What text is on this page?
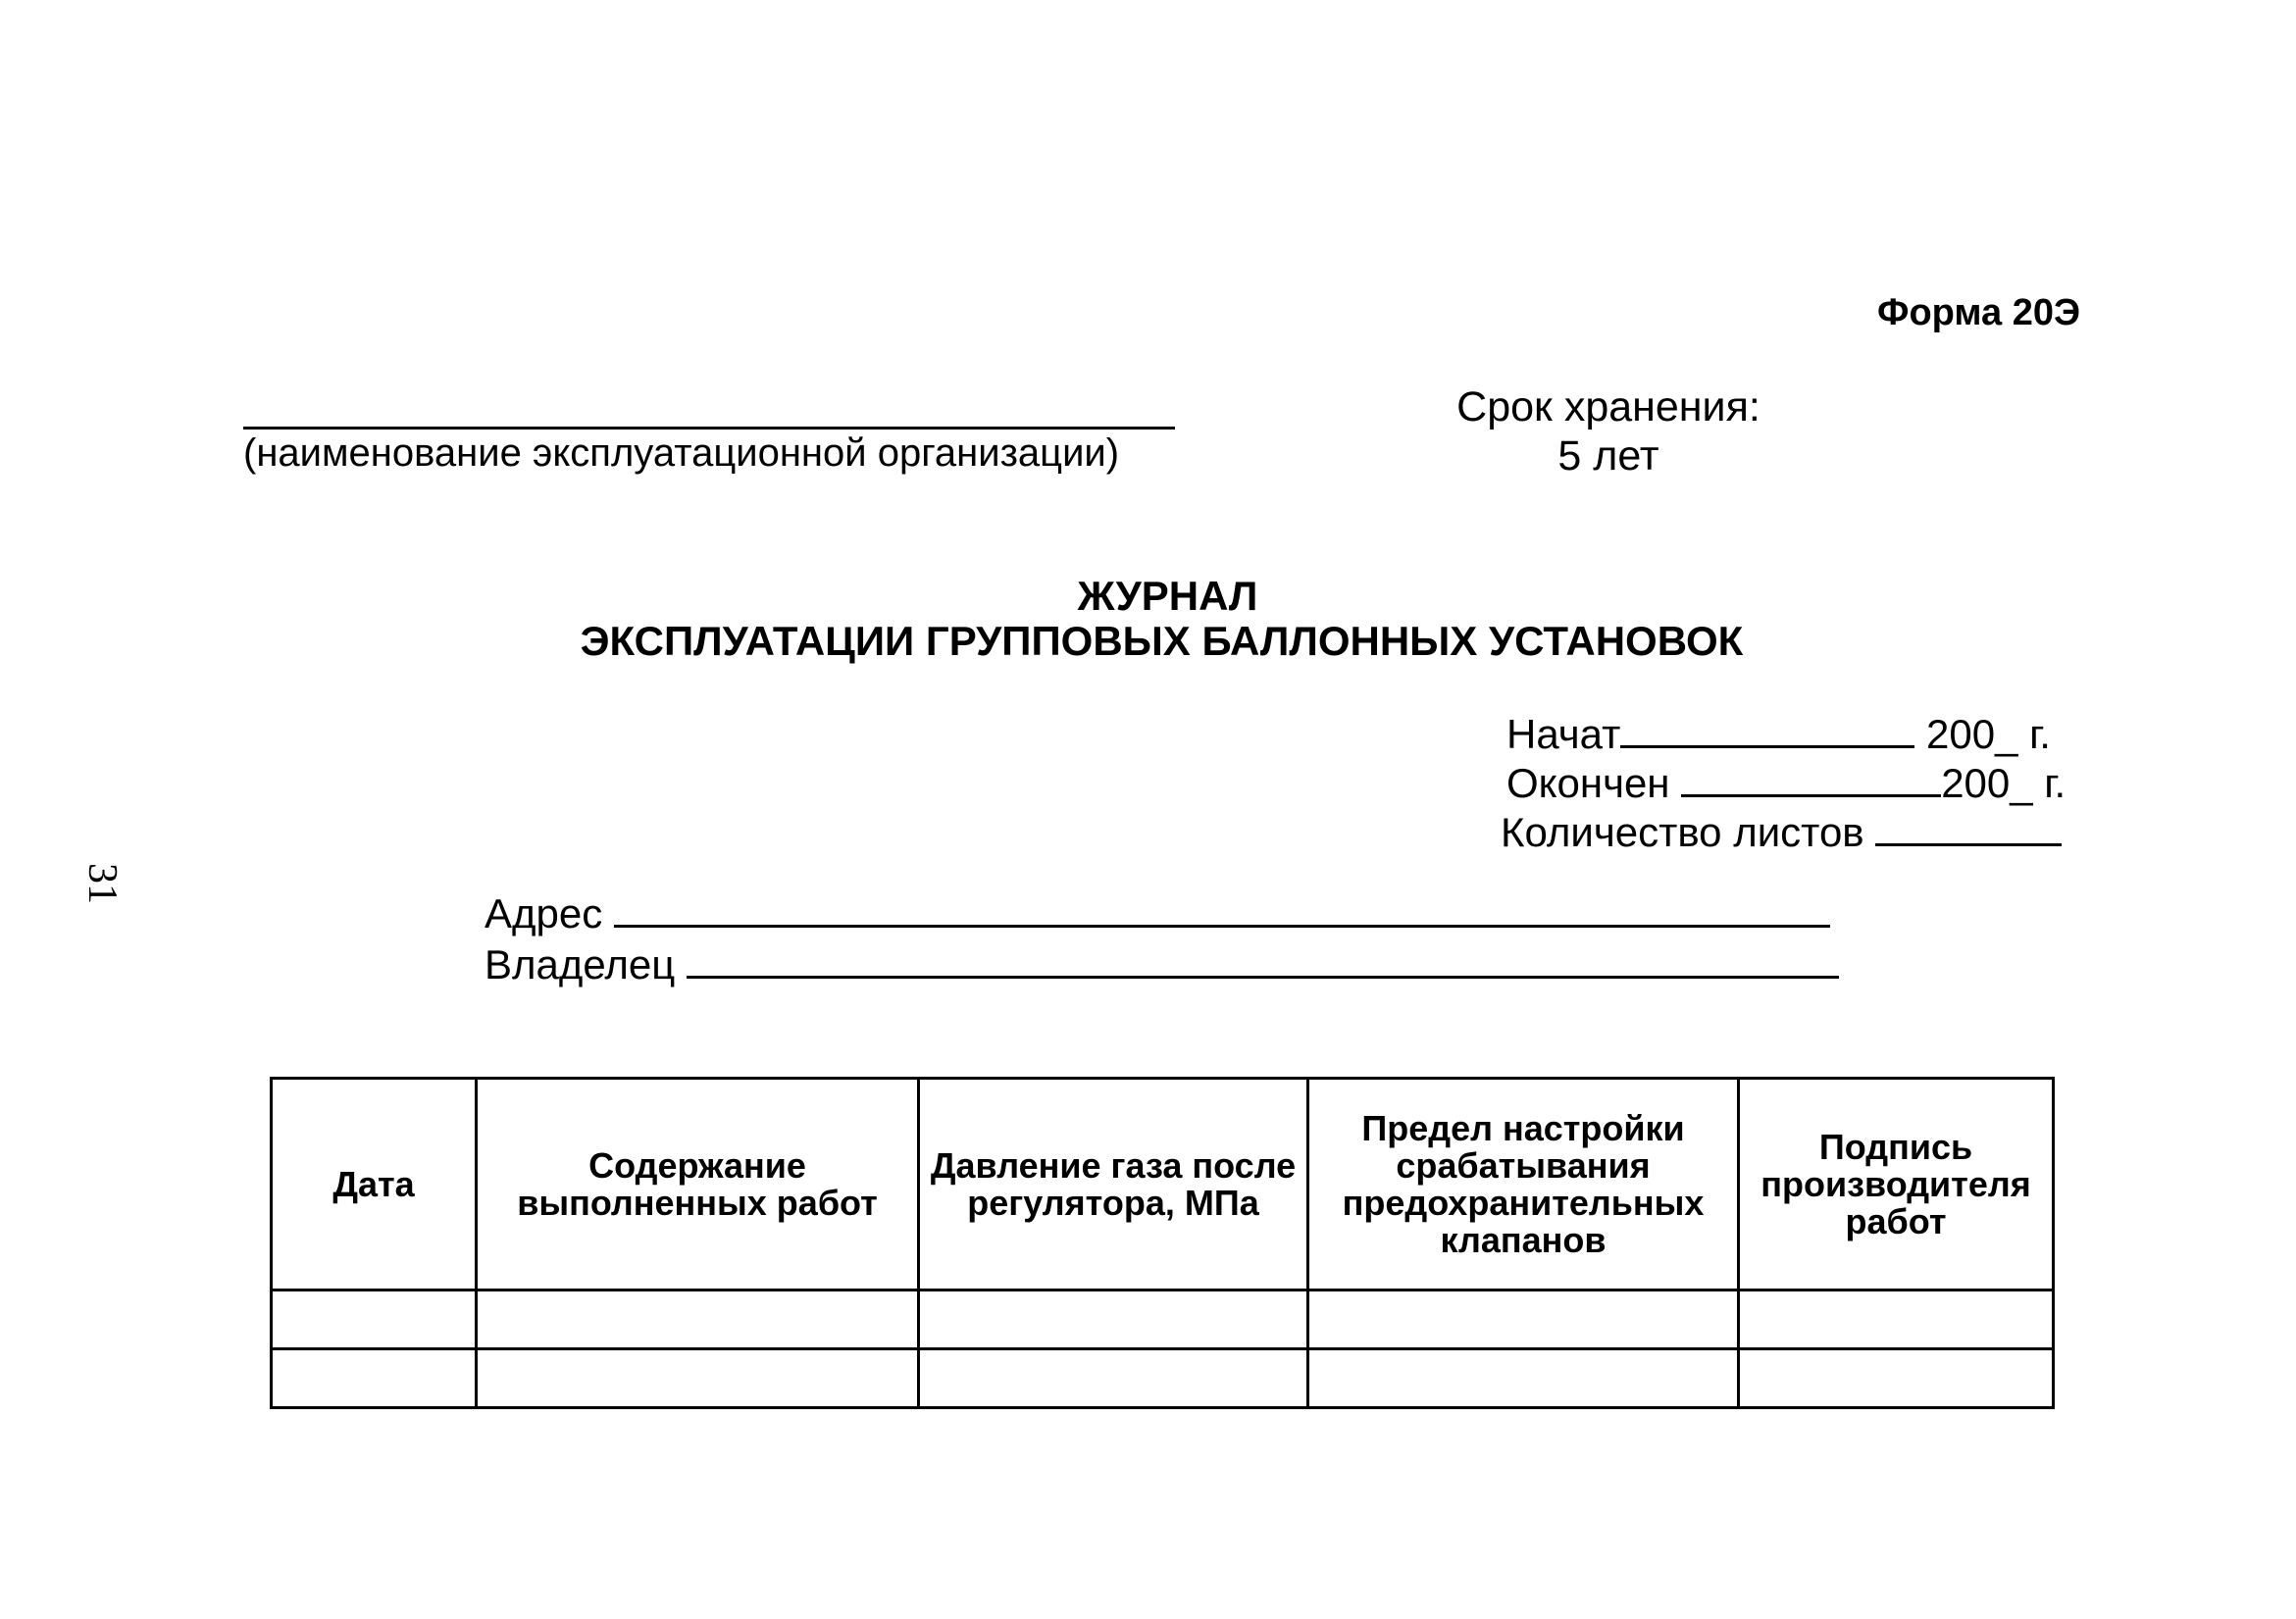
Форма 20Э
(наименование эксплуатационной организации)
Срок хранения:
5 лет
ЖУРНАЛ
ЭКСПЛУАТАЦИИ ГРУППОВЫХ БАЛЛОННЫХ УСТАНОВОК
Начат	200_ г.
Окончен	200_ г.
Количество листов
Адрес
Владелец
Дата	Содержание выполненных работ	Давление газа после регулятора, МПа	Предел настройки срабатывания предохранительных клапанов	Подпись производителя работ

31
